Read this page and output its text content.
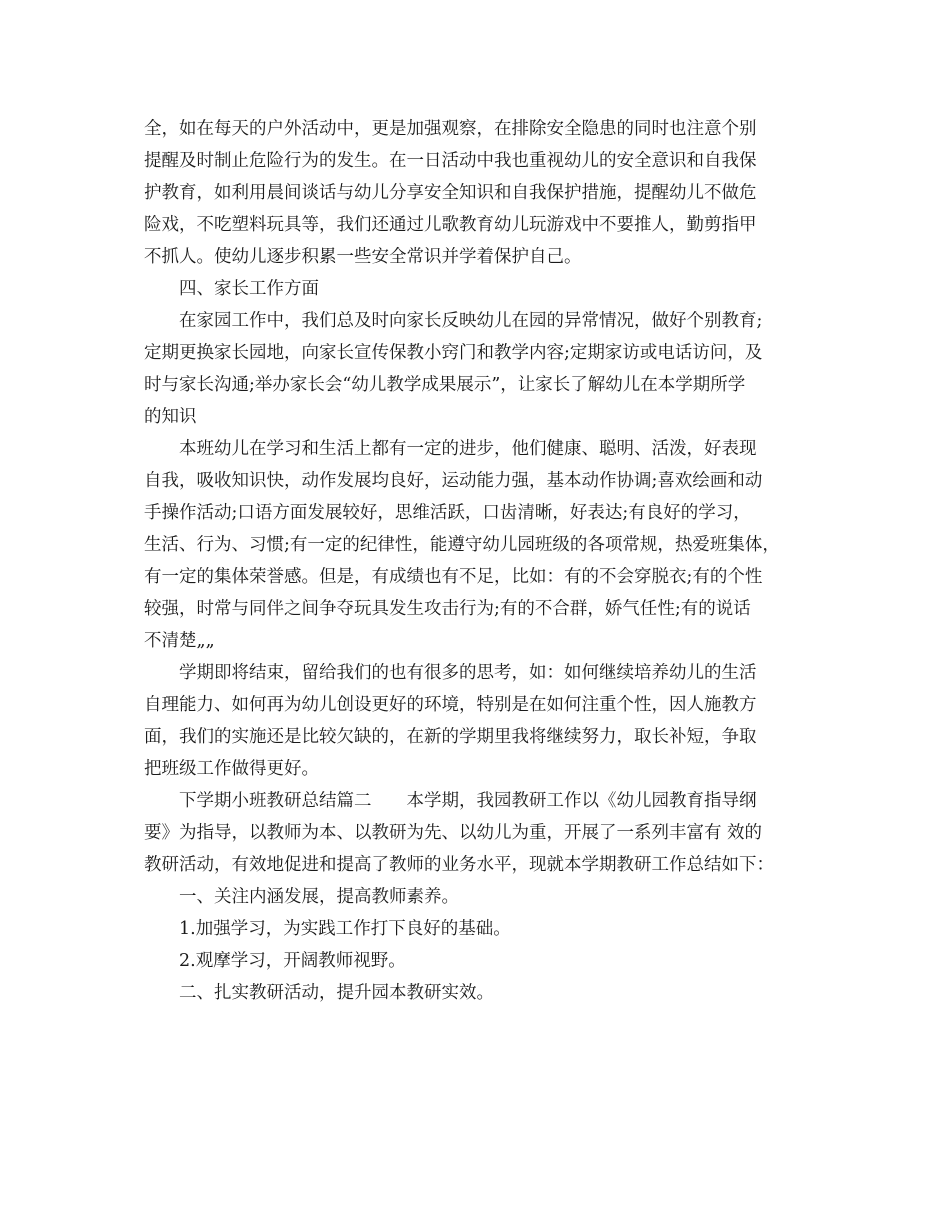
全，如在每天的户外活动中，更是加强观察，在排除安全隐患的同时也注意个别
提醒及时制止危险行为的发生。在一日活动中我也重视幼儿的安全意识和自我保
护教育，如利用晨间谈话与幼儿分享安全知识和自我保护措施，提醒幼儿不做危
险戏，不吃塑料玩具等，我们还通过儿歌教育幼儿玩游戏中不要推人，勤剪指甲
不抓人。使幼儿逐步积累一些安全常识并学着保护自己。
四、家长工作方面
在家园工作中，我们总及时向家长反映幼儿在园的异常情况，做好个别教育;
定期更换家长园地，向家长宣传保教小窍门和教学内容;定期家访或电话访问，及
时与家长沟通;举办家长会“幼儿教学成果展示”，让家长了解幼儿在本学期所学
的知识
本班幼儿在学习和生活上都有一定的进步，他们健康、聪明、活泼，好表现
自我，吸收知识快，动作发展均良好，运动能力强，基本动作协调;喜欢绘画和动
手操作活动;口语方面发展较好，思维活跃，口齿清晰，好表达;有良好的学习，
生活、行为、习惯;有一定的纪律性，能遵守幼儿园班级的各项常规，热爱班集体，
有一定的集体荣誉感。但是，有成绩也有不足，比如：有的不会穿脱衣;有的个性
较强，时常与同伴之间争夺玩具发生攻击行为;有的不合群，娇气任性;有的说话
不清楚„„
学期即将结束，留给我们的也有很多的思考，如：如何继续培养幼儿的生活
自理能力、如何再为幼儿创设更好的环境，特别是在如何注重个性，因人施教方
面，我们的实施还是比较欠缺的，在新的学期里我将继续努力，取长补短，争取
把班级工作做得更好。
下学期小班教研总结篇二　　本学期，我园教研工作以《幼儿园教育指导纲
要》为指导，以教师为本、以教研为先、以幼儿为重，开展了一系列丰富有 效的
教研活动，有效地促进和提高了教师的业务水平，现就本学期教研工作总结如下：
一、关注内涵发展，提高教师素养。
1.加强学习，为实践工作打下良好的基础。
2.观摩学习，开阔教师视野。
二、扎实教研活动，提升园本教研实效。
